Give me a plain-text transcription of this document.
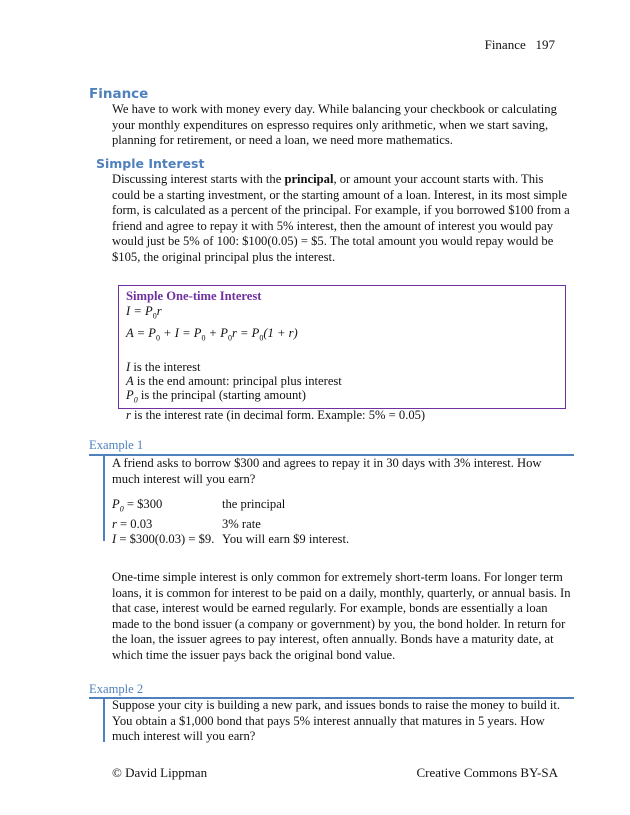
Finance   197
Finance
We have to work with money every day. While balancing your checkbook or calculating your monthly expenditures on espresso requires only arithmetic, when we start saving, planning for retirement, or need a loan, we need more mathematics.
Simple Interest
Discussing interest starts with the principal, or amount your account starts with. This could be a starting investment, or the starting amount of a loan. Interest, in its most simple form, is calculated as a percent of the principal. For example, if you borrowed $100 from a friend and agree to repay it with 5% interest, then the amount of interest you would pay would just be 5% of 100: $100(0.05) = $5. The total amount you would repay would be $105, the original principal plus the interest.
Simple One-time Interest
$I = P_0r$
$A = P_0 + I = P_0 + P_0r = P_0(1 + r)$
I is the interest
A is the end amount: principal plus interest
$P_0$ is the principal (starting amount)
r is the interest rate (in decimal form. Example: 5% = 0.05)
Example 1
A friend asks to borrow $300 and agrees to repay it in 30 days with 3% interest. How much interest will you earn?
$P_0$ = $300	the principal
r = 0.03	3% rate
I = $300(0.03) = $9. You will earn $9 interest.
One-time simple interest is only common for extremely short-term loans. For longer term loans, it is common for interest to be paid on a daily, monthly, quarterly, or annual basis. In that case, interest would be earned regularly. For example, bonds are essentially a loan made to the bond issuer (a company or government) by you, the bond holder. In return for the loan, the issuer agrees to pay interest, often annually. Bonds have a maturity date, at which time the issuer pays back the original bond value.
Example 2
Suppose your city is building a new park, and issues bonds to raise the money to build it. You obtain a $1,000 bond that pays 5% interest annually that matures in 5 years. How much interest will you earn?
© David Lippman	Creative Commons BY-SA
